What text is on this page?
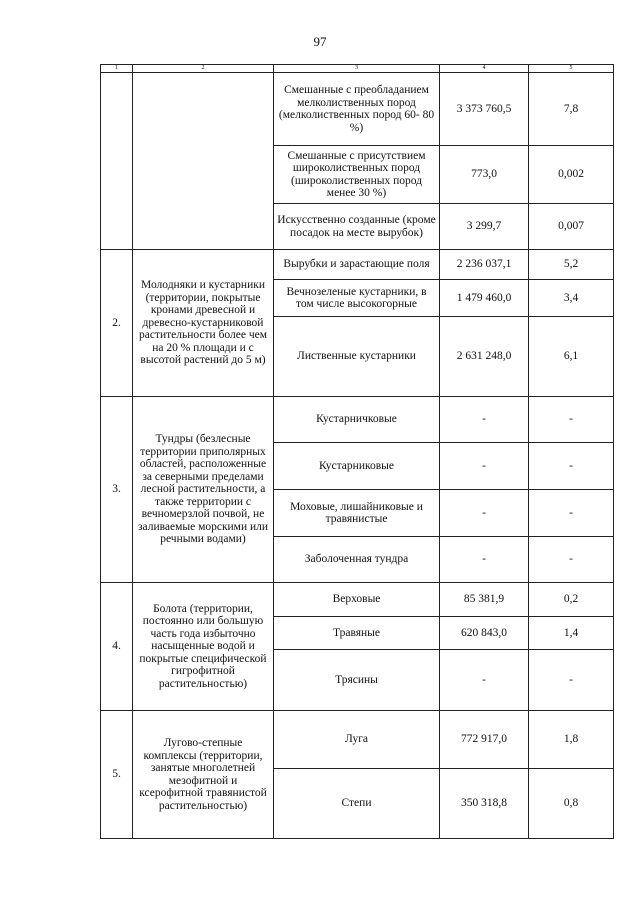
97
1	2	3	4	5
		Смешанные с преобладанием мелколиственных пород (мелколиственных пород 60- 80 %)	3 373 760,5	7,8
		Смешанные с присутствием широколиственных пород (широколиственных пород менее 30 %)	773,0	0,002
		Искусственно созданные (кроме посадок на месте вырубок)	3 299,7	0,007
2.	Молодняки и кустарники (территории, покрытые кронами древесной и древесно-кустарниковой растительности более чем на 20 % площади и с высотой растений до 5 м)	Вырубки и зарастающие поля	2 236 037,1	5,2
		Вечнозеленые кустарники, в том числе высокогорные	1 479 460,0	3,4
		Лиственные кустарники	2 631 248,0	6,1
3.	Тундры (безлесные территории приполярных областей, расположенные за северными пределами лесной растительности, а также территории с вечномерзлой почвой, не заливаемые морскими или речными водами)	Кустарничковые	-	-
		Кустарниковые	-	-
		Моховые, лишайниковые и травянистые	-	-
		Заболоченная тундра	-	-
4.	Болота (территории, постоянно или большую часть года избыточно насыщенные водой и покрытые специфической гигрофитной растительностью)	Верховые	85 381,9	0,2
		Травяные	620 843,0	1,4
		Трясины	-	-
5.	Лугово-степные комплексы (территории, занятые многолетней мезофитной и ксерофитной травянистой растительностью)	Луга	772 917,0	1,8
		Степи	350 318,8	0,8
